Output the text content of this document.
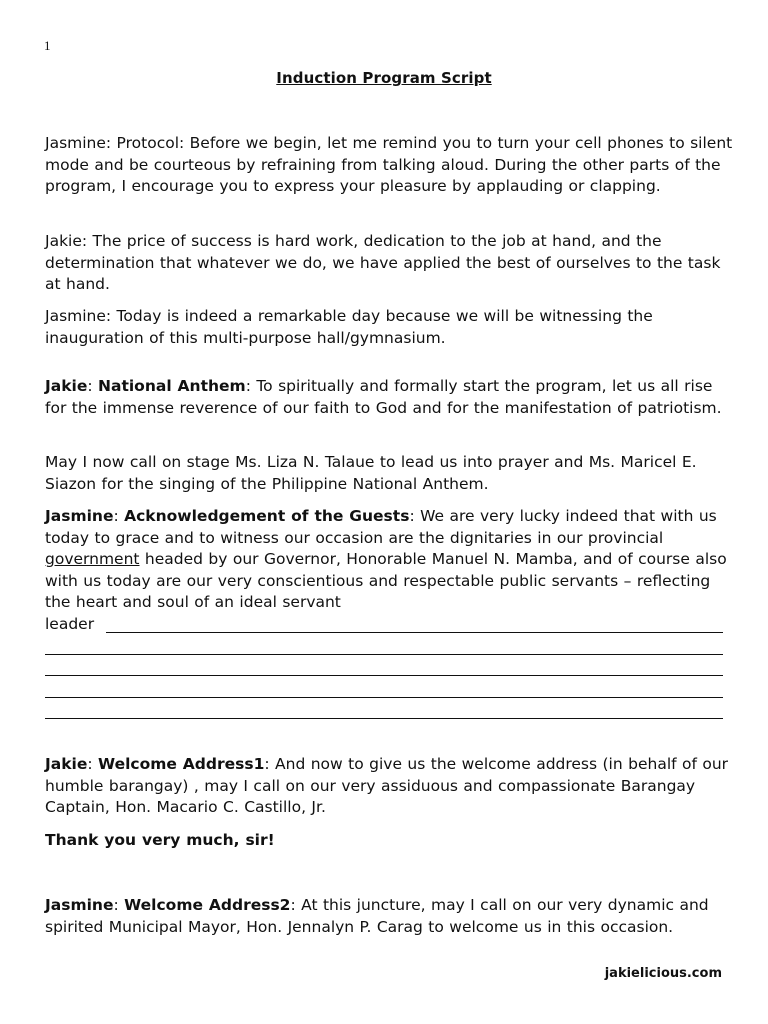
1
Induction Program Script

Jasmine: Protocol: Before we begin, let me remind you to turn your cell phones to silent mode and be courteous by refraining from talking aloud. During the other parts of the program, I encourage you to express your pleasure by applauding or clapping.

Jakie: The price of success is hard work, dedication to the job at hand, and the determination that whatever we do, we have applied the best of ourselves to the task at hand.

Jasmine: Today is indeed a remarkable day because we will be witnessing the inauguration of this multi-purpose hall/gymnasium.

Jakie: National Anthem: To spiritually and formally start the program, let us all rise for the immense reverence of our faith to God and for the manifestation of patriotism.

May I now call on stage Ms. Liza N. Talaue to lead us into prayer and Ms. Maricel E. Siazon for the singing of the Philippine National Anthem.

Jasmine: Acknowledgement of the Guests: We are very lucky indeed that with us today to grace and to witness our occasion are the dignitaries in our provincial government headed by our Governor, Honorable Manuel N. Mamba, and of course also with us today are our very conscientious and respectable public servants – reflecting the heart and soul of an ideal servant

leader

Jakie: Welcome Address1: And now to give us the welcome address (in behalf of our humble barangay) , may I call on our very assiduous and compassionate Barangay Captain, Hon. Macario C. Castillo, Jr.

Thank you very much, sir!

Jasmine: Welcome Address2: At this juncture, may I call on our very dynamic and spirited Municipal Mayor, Hon. Jennalyn P. Carag to welcome us in this occasion.

jakielicious.com
